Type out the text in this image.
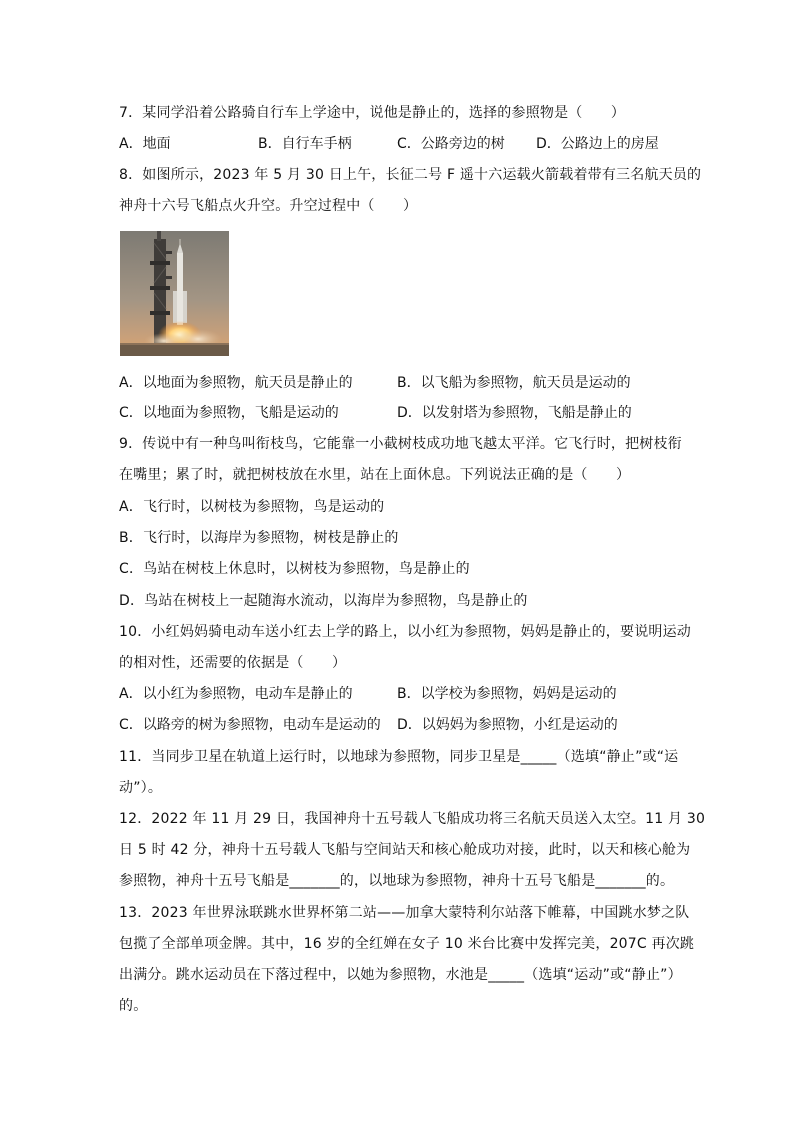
7．某同学沿着公路骑自行车上学途中，说他是静止的，选择的参照物是（　　）
A．地面	B．自行车手柄	C．公路旁边的树 D．公路边上的房屋
8．如图所示，2023 年 5 月 30 日上午，长征二号 F 遥十六运载火箭载着带有三名航天员的
神舟十六号飞船点火升空。升空过程中（　　）
A．以地面为参照物，航天员是静止的	B．以飞船为参照物，航天员是运动的
C．以地面为参照物，飞船是运动的	D．以发射塔为参照物，飞船是静止的
9．传说中有一种鸟叫衔枝鸟，它能靠一小截树枝成功地飞越太平洋。它飞行时，把树枝衔
在嘴里；累了时，就把树枝放在水里，站在上面休息。下列说法正确的是（　　）
A．飞行时，以树枝为参照物，鸟是运动的
B．飞行时，以海岸为参照物，树枝是静止的
C．鸟站在树枝上休息时，以树枝为参照物，鸟是静止的
D．鸟站在树枝上一起随海水流动，以海岸为参照物，鸟是静止的
10．小红妈妈骑电动车送小红去上学的路上，以小红为参照物，妈妈是静止的，要说明运动
的相对性，还需要的依据是（　　）
A．以小红为参照物，电动车是静止的	B．以学校为参照物，妈妈是运动的
C．以路旁的树为参照物，电动车是运动的 D．以妈妈为参照物，小红是运动的
11．当同步卫星在轨道上运行时，以地球为参照物，同步卫星是_____（选填“静止”或“运
动”）。
12．2022 年 11 月 29 日，我国神舟十五号载人飞船成功将三名航天员送入太空。11 月 30
日 5 时 42 分，神舟十五号载人飞船与空间站天和核心舱成功对接，此时，以天和核心舱为
参照物，神舟十五号飞船是_______的，以地球为参照物，神舟十五号飞船是_______的。
13．2023 年世界泳联跳水世界杯第二站——加拿大蒙特利尔站落下帷幕，中国跳水梦之队
包揽了全部单项金牌。其中，16 岁的全红婵在女子 10 米台比赛中发挥完美，207C 再次跳
出满分。跳水运动员在下落过程中，以她为参照物，水池是_____（选填“运动”或“静止”）
的。
